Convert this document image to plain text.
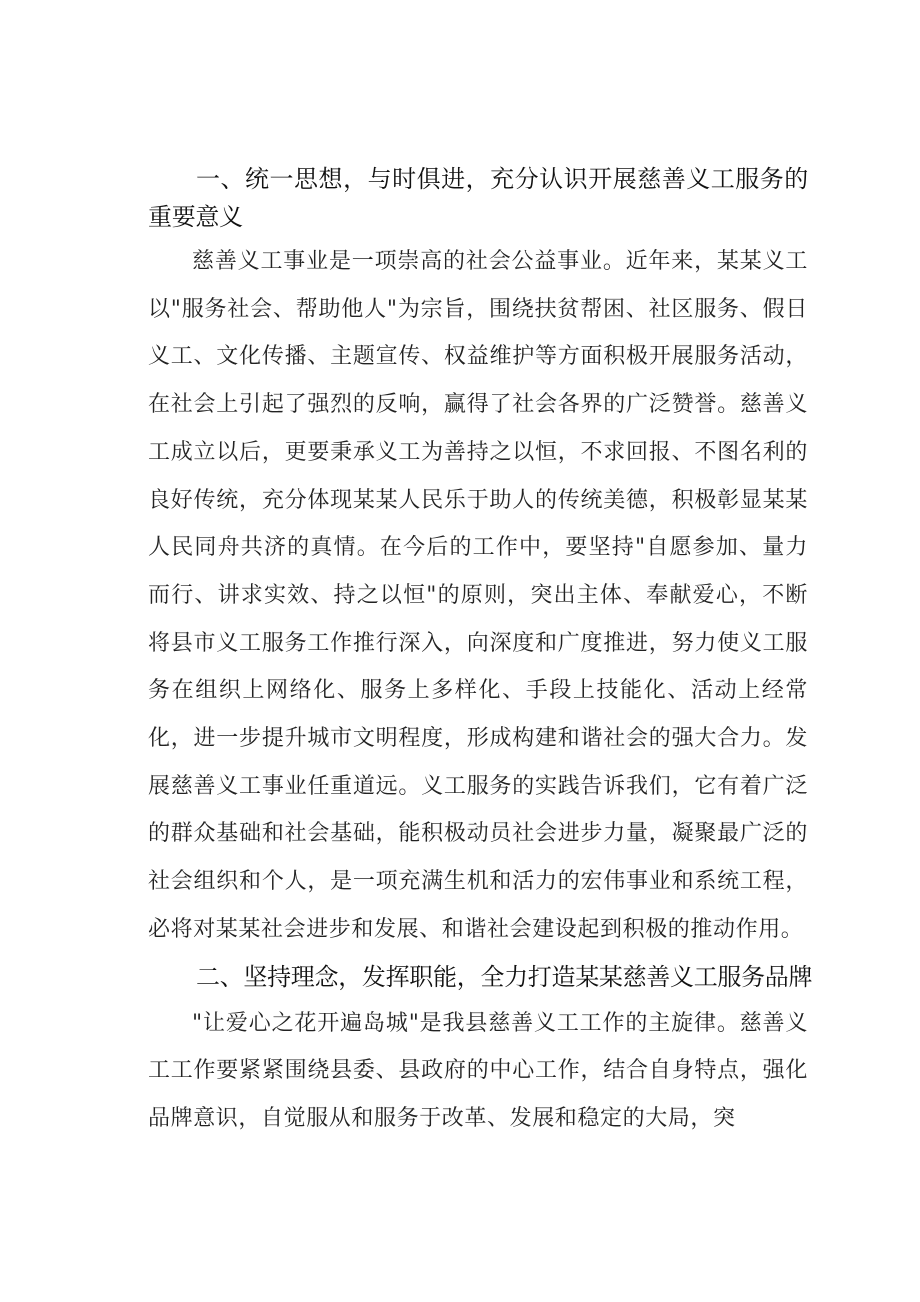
一、统一思想，与时俱进，充分认识开展慈善义工服务的重要意义

慈善义工事业是一项崇高的社会公益事业。近年来，某某义工以"服务社会、帮助他人"为宗旨，围绕扶贫帮困、社区服务、假日义工、文化传播、主题宣传、权益维护等方面积极开展服务活动，在社会上引起了强烈的反响，赢得了社会各界的广泛赞誉。慈善义工成立以后，更要秉承义工为善持之以恒，不求回报、不图名利的良好传统，充分体现某某人民乐于助人的传统美德，积极彰显某某人民同舟共济的真情。在今后的工作中，要坚持"自愿参加、量力而行、讲求实效、持之以恒"的原则，突出主体、奉献爱心，不断将县市义工服务工作推行深入，向深度和广度推进，努力使义工服务在组织上网络化、服务上多样化、手段上技能化、活动上经常化，进一步提升城市文明程度，形成构建和谐社会的强大合力。发展慈善义工事业任重道远。义工服务的实践告诉我们，它有着广泛的群众基础和社会基础，能积极动员社会进步力量，凝聚最广泛的社会组织和个人，是一项充满生机和活力的宏伟事业和系统工程，必将对某某社会进步和发展、和谐社会建设起到积极的推动作用。

二、坚持理念，发挥职能，全力打造某某慈善义工服务品牌

"让爱心之花开遍岛城"是我县慈善义工工作的主旋律。慈善义工工作要紧紧围绕县委、县政府的中心工作，结合自身特点，强化品牌意识，自觉服从和服务于改革、发展和稳定的大局，突
